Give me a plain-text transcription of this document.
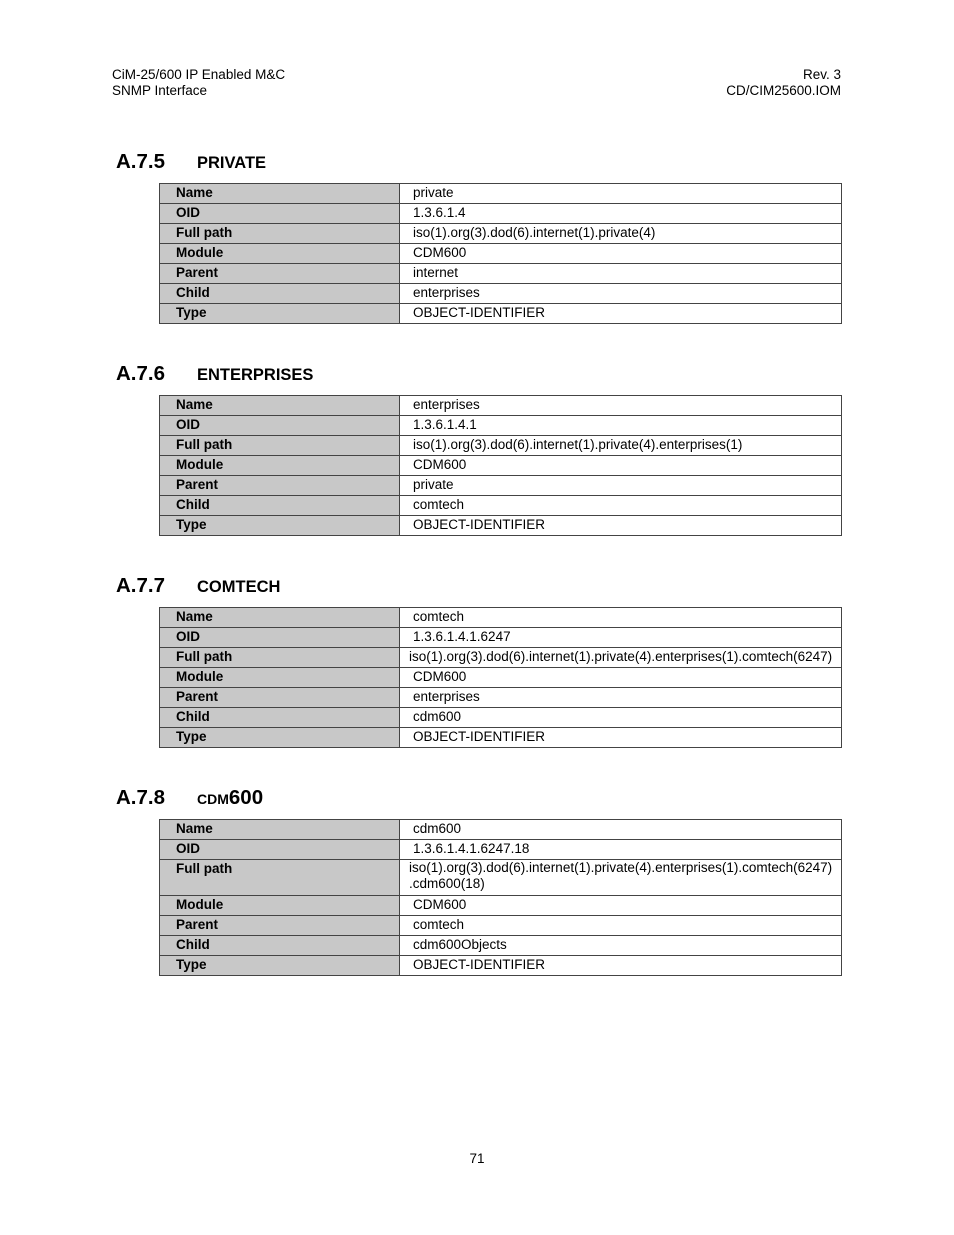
CiM-25/600 IP Enabled M&C
SNMP Interface
Rev. 3
CD/CIM25600.IOM
A.7.5 PRIVATE
Name	private
OID	1.3.6.1.4
Full path	iso(1).org(3).dod(6).internet(1).private(4)
Module	CDM600
Parent	internet
Child	enterprises
Type	OBJECT-IDENTIFIER
A.7.6 ENTERPRISES
Name	enterprises
OID	1.3.6.1.4.1
Full path	iso(1).org(3).dod(6).internet(1).private(4).enterprises(1)
Module	CDM600
Parent	private
Child	comtech
Type	OBJECT-IDENTIFIER
A.7.7 COMTECH
Name	comtech
OID	1.3.6.1.4.1.6247
Full path	iso(1).org(3).dod(6).internet(1).private(4).enterprises(1).comtech(6247)
Module	CDM600
Parent	enterprises
Child	cdm600
Type	OBJECT-IDENTIFIER
A.7.8 CDM600
Name	cdm600
OID	1.3.6.1.4.1.6247.18
Full path	iso(1).org(3).dod(6).internet(1).private(4).enterprises(1).comtech(6247)
.cdm600(18)

Module	CDM600
Parent	comtech
Child	cdm600Objects
Type	OBJECT-IDENTIFIER
71
